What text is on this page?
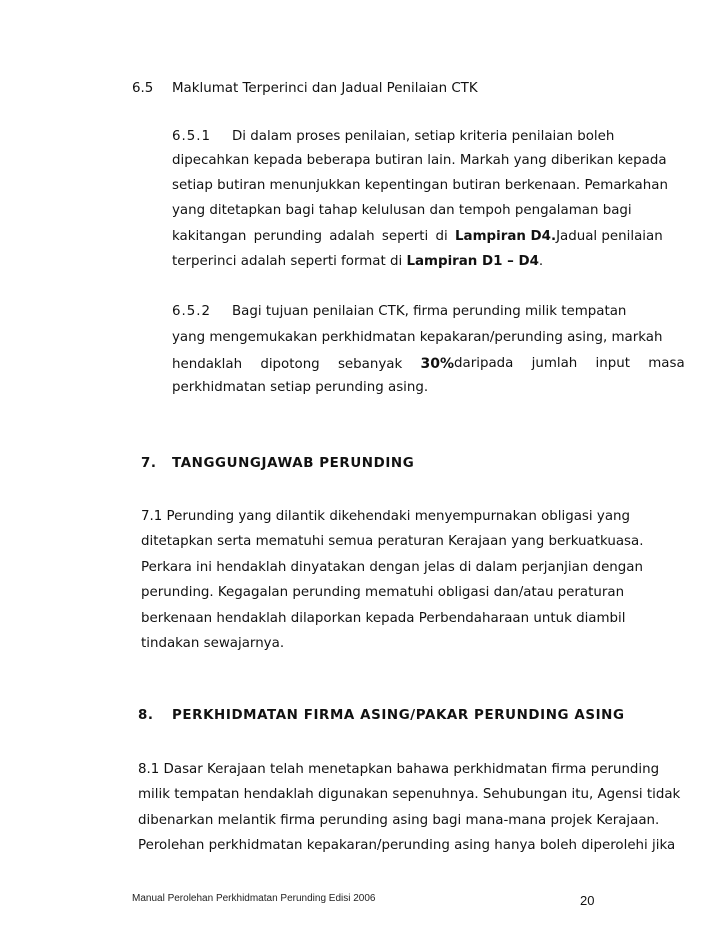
6.5 Maklumat Terperinci dan Jadual Penilaian CTK
6.5.1 Di dalam proses penilaian, setiap kriteria penilaian boleh
dipecahkan kepada beberapa butiran lain. Markah yang diberikan kepada
setiap butiran menunjukkan kepentingan butiran berkenaan. Pemarkahan
yang ditetapkan bagi tahap kelulusan dan tempoh pengalaman bagi
kakitangan perunding adalah seperti di Lampiran D4. Jadual penilaian
terperinci adalah seperti format di Lampiran D1 – D4.
6.5.2 Bagi tujuan penilaian CTK, firma perunding milik tempatan
yang mengemukakan perkhidmatan kepakaran/perunding asing, markah
hendaklah dipotong sebanyak 30% daripada jumlah input masa
perkhidmatan setiap perunding asing.
7. TANGGUNGJAWAB PERUNDING
7.1 Perunding yang dilantik dikehendaki menyempurnakan obligasi yang
ditetapkan serta mematuhi semua peraturan Kerajaan yang berkuatkuasa.
Perkara ini hendaklah dinyatakan dengan jelas di dalam perjanjian dengan
perunding. Kegagalan perunding mematuhi obligasi dan/atau peraturan
berkenaan hendaklah dilaporkan kepada Perbendaharaan untuk diambil
tindakan sewajarnya.
8. PERKHIDMATAN FIRMA ASING/PAKAR PERUNDING ASING
8.1 Dasar Kerajaan telah menetapkan bahawa perkhidmatan firma perunding
milik tempatan hendaklah digunakan sepenuhnya. Sehubungan itu, Agensi tidak
dibenarkan melantik firma perunding asing bagi mana-mana projek Kerajaan.
Perolehan perkhidmatan kepakaran/perunding asing hanya boleh diperolehi jika
Manual Perolehan Perkhidmatan Perunding Edisi 2006	20
